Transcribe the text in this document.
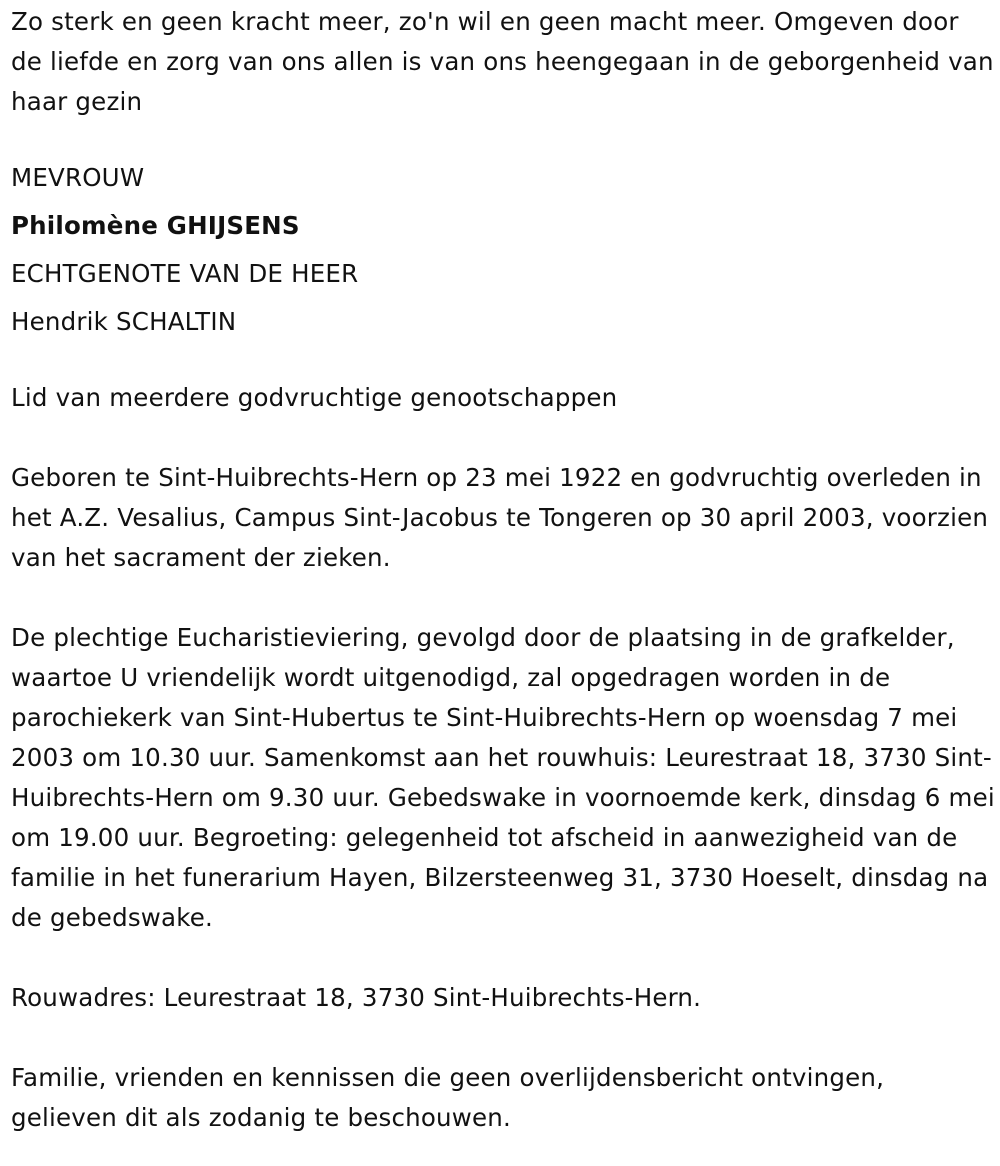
Zo sterk en geen kracht meer, zo'n wil en geen macht meer. Omgeven door de liefde en zorg van ons allen is van ons heengegaan in de geborgenheid van haar gezin

MEVROUW

Philomène GHIJSENS

ECHTGENOTE VAN DE HEER

Hendrik SCHALTIN

Lid van meerdere godvruchtige genootschappen

Geboren te Sint-Huibrechts-Hern op 23 mei 1922 en godvruchtig overleden in het A.Z. Vesalius, Campus Sint-Jacobus te Tongeren op 30 april 2003, voorzien van het sacrament der zieken.

De plechtige Eucharistieviering, gevolgd door de plaatsing in de grafkelder, waartoe U vriendelijk wordt uitgenodigd, zal opgedragen worden in de parochiekerk van Sint-Hubertus te Sint-Huibrechts-Hern op woensdag 7 mei 2003 om 10.30 uur. Samenkomst aan het rouwhuis: Leurestraat 18, 3730 Sint-Huibrechts-Hern om 9.30 uur. Gebedswake in voornoemde kerk, dinsdag 6 mei om 19.00 uur. Begroeting: gelegenheid tot afscheid in aanwezigheid van de familie in het funerarium Hayen, Bilzersteenweg 31, 3730 Hoeselt, dinsdag na de gebedswake.

Rouwadres: Leurestraat 18, 3730 Sint-Huibrechts-Hern.

Familie, vrienden en kennissen die geen overlijdensbericht ontvingen, gelieven dit als zodanig te beschouwen.
